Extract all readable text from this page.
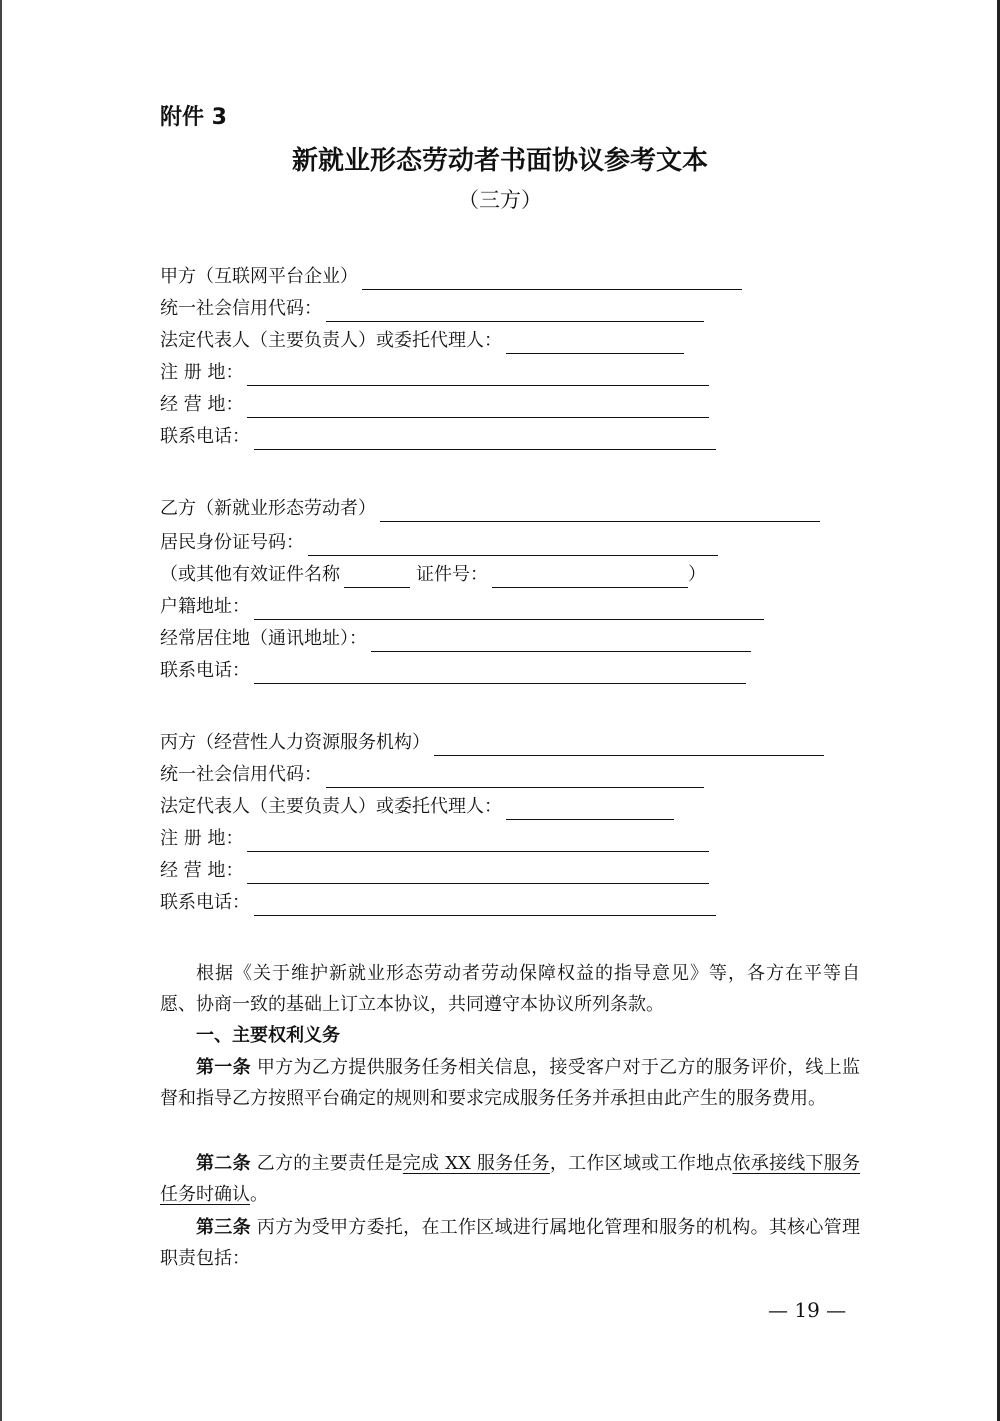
附件 3
新就业形态劳动者书面协议参考文本
（三方）
甲方（互联网平台企业）
统一社会信用代码：
法定代表人（主要负责人）或委托代理人：
注 册 地：
经 营 地：
联系电话：
乙方（新就业形态劳动者）
居民身份证号码：
（或其他有效证件名称	证件号：	）
户籍地址：
经常居住地（通讯地址）：
联系电话：
丙方（经营性人力资源服务机构）
统一社会信用代码：
法定代表人（主要负责人）或委托代理人：
注 册 地：
经 营 地：
联系电话：
根据《关于维护新就业形态劳动者劳动保障权益的指导意见》等，各方在平等自愿、协商一致的基础上订立本协议，共同遵守本协议所列条款。
一、主要权利义务
第一条 甲方为乙方提供服务任务相关信息，接受客户对于乙方的服务评价，线上监督和指导乙方按照平台确定的规则和要求完成服务任务并承担由此产生的服务费用。
第二条 乙方的主要责任是完成 XX 服务任务，工作区域或工作地点依承接线下服务任务时确认。
第三条 丙方为受甲方委托，在工作区域进行属地化管理和服务的机构。其核心管理职责包括：
— 19 —
